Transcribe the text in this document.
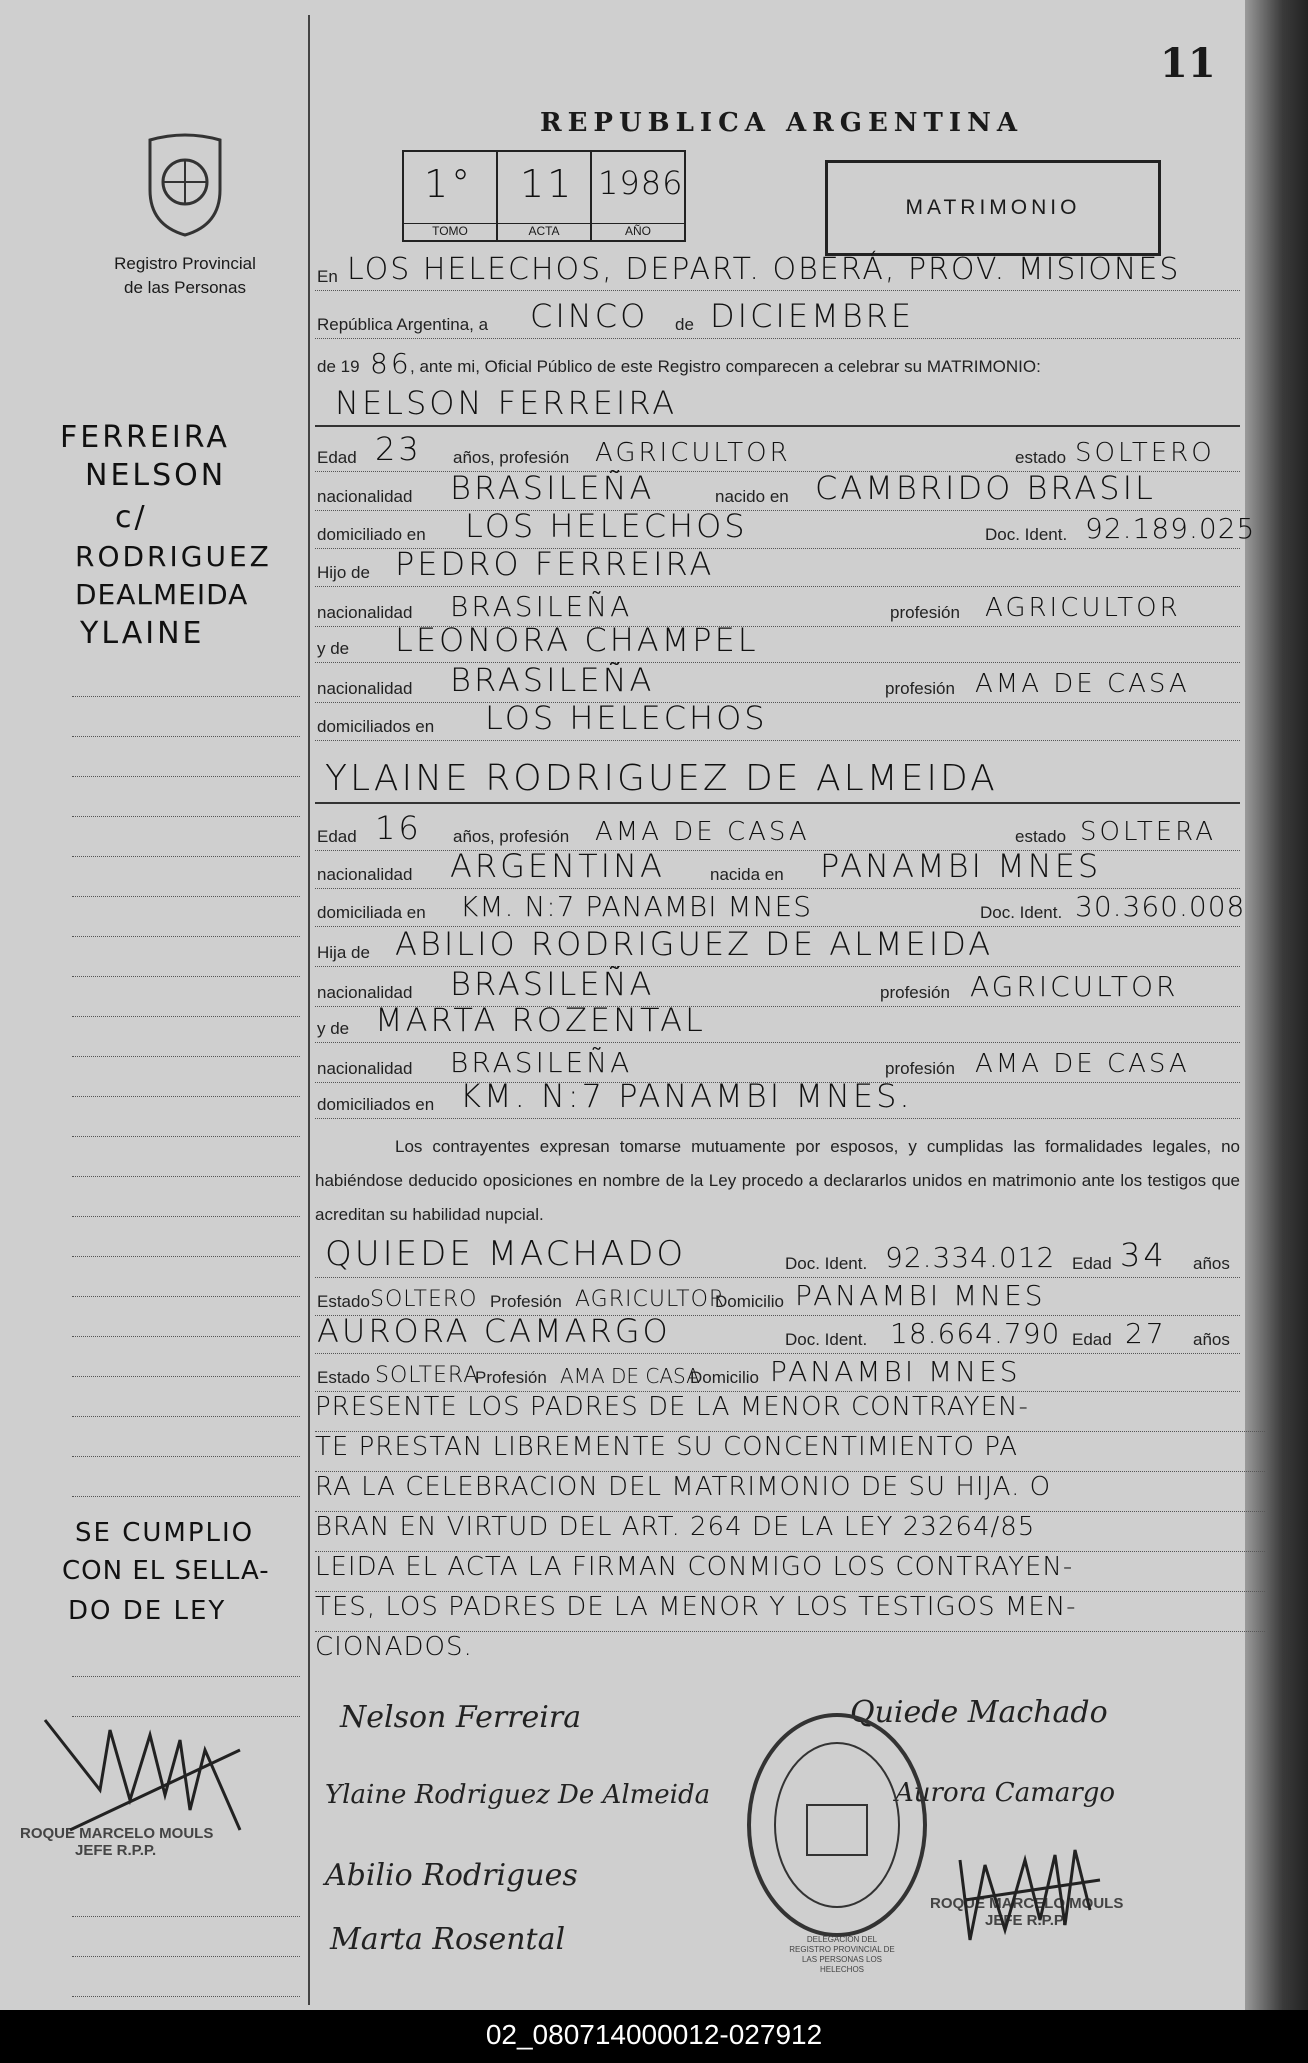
11
REPUBLICA ARGENTINA
Registro Provincial
de las Personas
1°
TOMO
11
ACTA
1986
AÑO
MATRIMONIO
En LOS HELECHOS, DEPART. OBERÁ, PROV. MISIONES
República Argentina, a CINCO de DICIEMBRE
de 19 86
, ante mi, Oficial Público de este Registro comparecen a celebrar su MATRIMONIO:
NELSON FERREIRA
Edad 23 años, profesión AGRICULTOR	estado SOLTERO
nacionalidad BRASILEÑA	nacido en CAMBRIDO BRASIL
domiciliado en LOS HELECHOS	Doc. Ident. 92.189.025
Hijo de PEDRO FERREIRA
nacionalidad BRASILEÑA	profesión AGRICULTOR
y de LEONORA CHAMPEL
nacionalidad BRASILEÑA	profesión AMA DE CASA
domiciliados en LOS HELECHOS
YLAINE RODRIGUEZ DE ALMEIDA
Edad 16 años, profesión AMA DE CASA	estado SOLTERA
nacionalidad ARGENTINA	nacida en PANAMBI MNES
domiciliada en KM. N:7 PANAMBI MNES	Doc. Ident. 30.360.008
Hija de ABILIO RODRIGUEZ DE ALMEIDA
nacionalidad BRASILEÑA	profesión AGRICULTOR
y de MARTA ROZENTAL
nacionalidad BRASILEÑA	profesión AMA DE CASA
domiciliados en KM. N:7 PANAMBI MNES.
Los contrayentes expresan tomarse mutuamente por esposos, y cumplidas las formalidades legales, no habiéndose deducido oposiciones en nombre de la Ley procedo a declararlos unidos en matrimonio ante los testigos que acreditan su habilidad nupcial.
QUIEDE MACHADO	Doc. Ident. 92.334.012 Edad 34 años
Estado SOLTERO Profesión AGRICULTOR
Domicilio PANAMBI MNES
AURORA CAMARGO	Doc. Ident. 18.664.790 Edad 27 años
Estado SOLTERA
Profesión AMA DE CASA
Domicilio PANAMBI MNES
PRESENTE LOS PADRES DE LA MENOR CONTRAYEN-
TE PRESTAN LIBREMENTE SU CONCENTIMIENTO PA
RA LA CELEBRACION DEL MATRIMONIO DE SU HIJA. O
BRAN EN VIRTUD DEL ART. 264 DE LA LEY 23264/85
LEIDA EL ACTA LA FIRMAN CONMIGO LOS CONTRAYEN-
TES, LOS PADRES DE LA MENOR Y LOS TESTIGOS MEN-
CIONADOS.
Nelson Ferreira	Quiede Machado
Ylaine Rodriguez De Almeida	Aurora Camargo
Abilio Rodrigues
Marta Rosental	DELEGACION DEL REGISTRO PROVINCIAL DE LAS PERSONAS LOS HELECHOS
ROQUE MARCELO MOULS
JEFE R.P.P.
ROQUE MARCELO MOULS
JEFE R.P.P.
FERREIRA
NELSON
c/
RODRIGUEZ
DEALMEIDA
YLAINE
SE CUMPLIO
CON EL SELLA-
DO DE LEY
02_080714000012-027912
